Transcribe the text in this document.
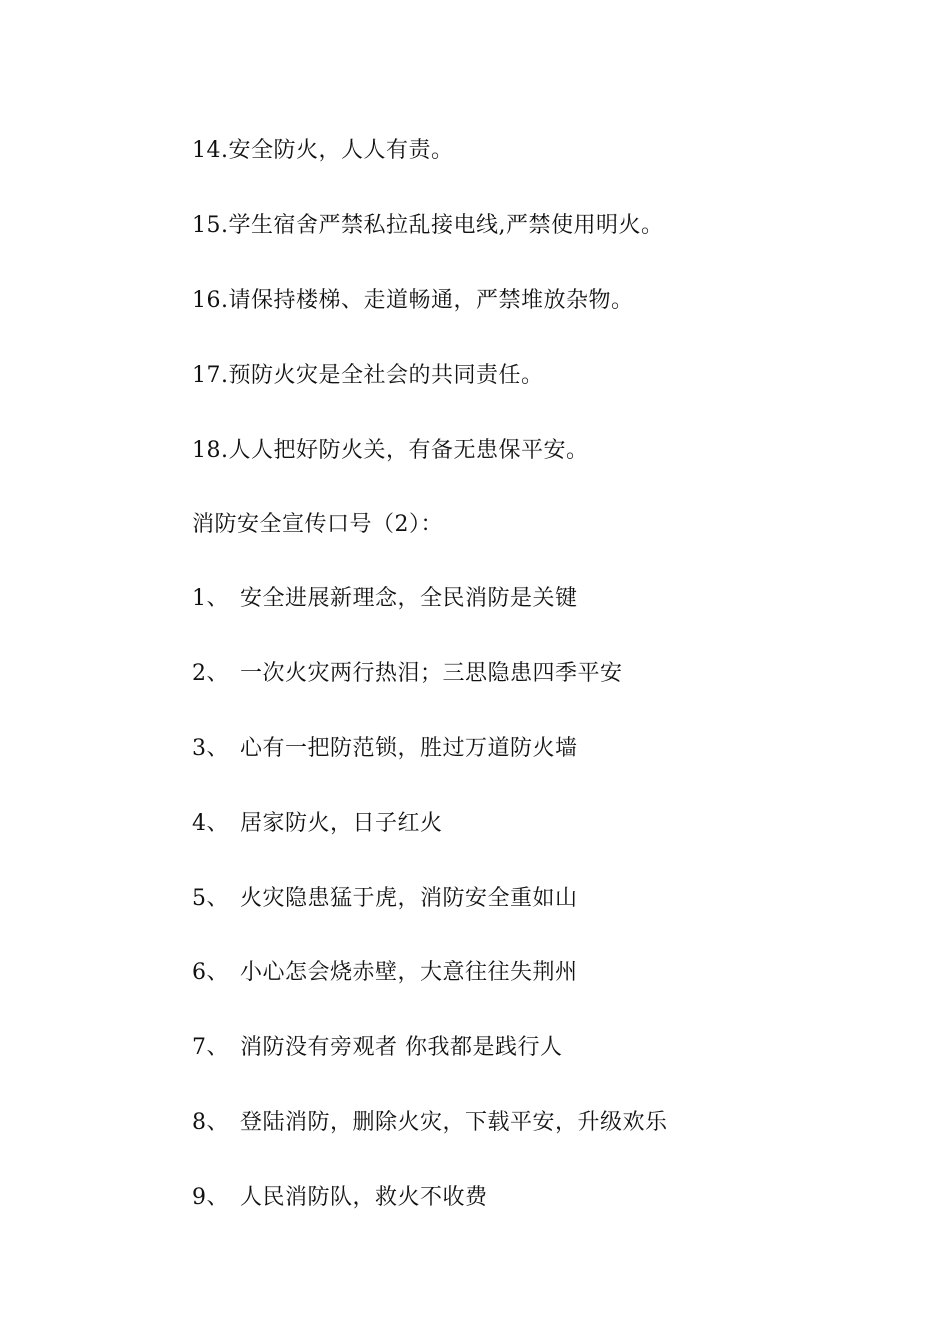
14.安全防火，人人有责。
15.学生宿舍严禁私拉乱接电线,严禁使用明火。
16.请保持楼梯、走道畅通，严禁堆放杂物。
17.预防火灾是全社会的共同责任。
18.人人把好防火关，有备无患保平安。
消防安全宣传口号（2）：
1、 安全进展新理念，全民消防是关键
2、 一次火灾两行热泪；三思隐患四季平安
3、 心有一把防范锁，胜过万道防火墙
4、 居家防火，日子红火
5、 火灾隐患猛于虎，消防安全重如山
6、 小心怎会烧赤壁，大意往往失荆州
7、 消防没有旁观者 你我都是践行人
8、 登陆消防，删除火灾，下载平安，升级欢乐
9、 人民消防队，救火不收费
